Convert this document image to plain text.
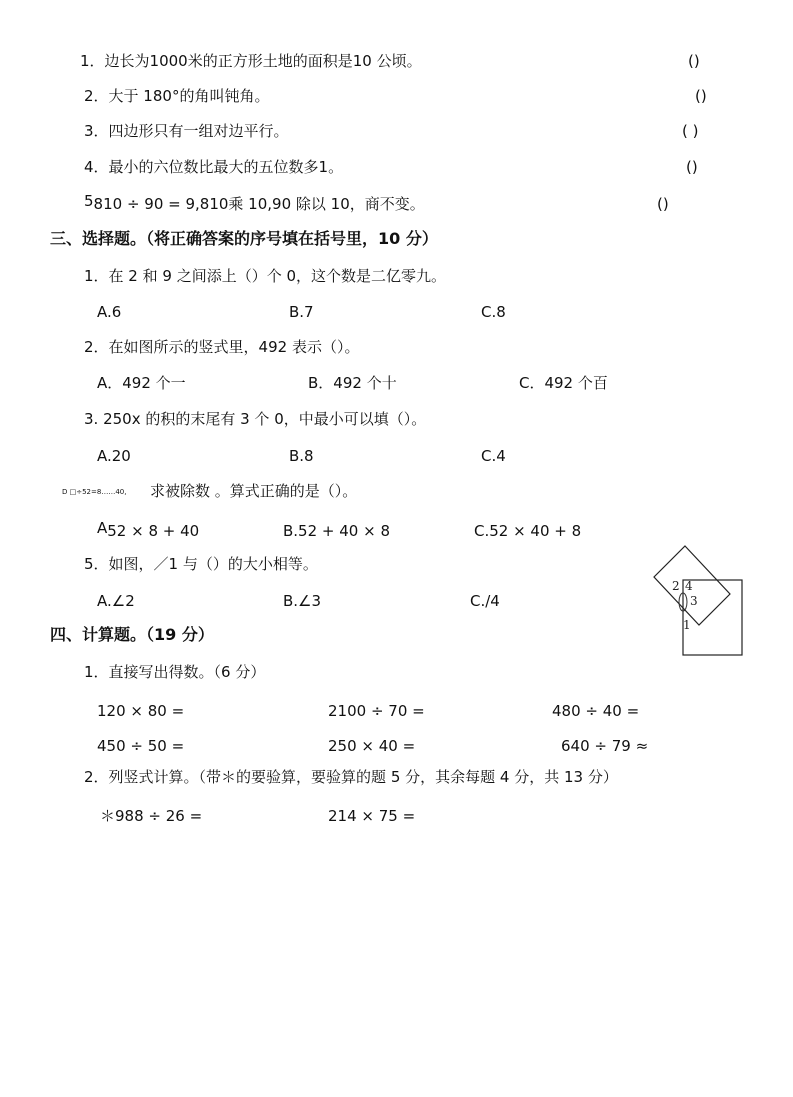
1．边长为1000米的正方形土地的面积是10 公顷。	()
2．大于 180°的角叫钝角。	()
3．四边形只有一组对边平行。	( )
4．最小的六位数比最大的五位数多1。	()
5810 ÷ 90 = 9,810乘 10,90 除以 10，商不变。	()
三、选择题。（将正确答案的序号填在括号里，10 分）
1．在 2 和 9 之间添上（）个 0，这个数是二亿零九。
A.6	B.7	C.8
2．在如图所示的竖式里，492 表示（）。
A．492 个一	B．492 个十	C．492 个百
3. 250x 的积的末尾有 3 个 0，中最小可以填（）。
A.20	B.8	C.4
D □÷52=8……40, 求被除数 。算式正确的是（）。
A52 × 8 + 40	B.52 + 40 × 8	C.52 × 40 + 8
5．如图，／1 与（）的大小相等。
A.∠2	B.∠3	C./4
2 4
3
1
四、计算题。（19 分）
1．直接写出得数。（6 分）
120 × 80 =	2100 ÷ 70 =	480 ÷ 40 =
450 ÷ 50 =	250 × 40 =	640 ÷ 79 ≈
2．列竖式计算。（带＊的要验算，要验算的题 5 分，其余每题 4 分，共 13 分）
＊988 ÷ 26 =	214 × 75 =
